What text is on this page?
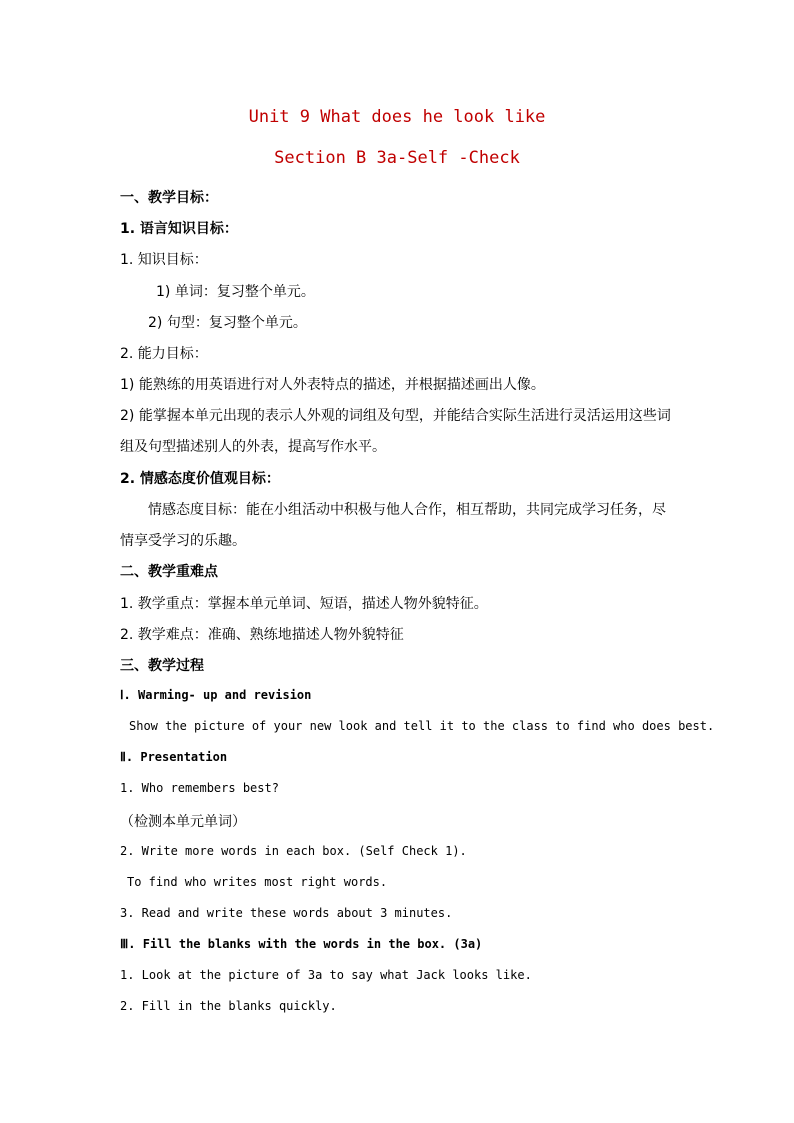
Unit 9 What does he look like
Section B 3a-Self -Check
一、教学目标：
1. 语言知识目标：
1. 知识目标：
1) 单词：复习整个单元。
2) 句型：复习整个单元。
2. 能力目标：
1) 能熟练的用英语进行对人外表特点的描述，并根据描述画出人像。
2) 能掌握本单元出现的表示人外观的词组及句型，并能结合实际生活进行灵活运用这些词
组及句型描述别人的外表，提高写作水平。
2. 情感态度价值观目标：
情感态度目标：能在小组活动中积极与他人合作，相互帮助，共同完成学习任务，尽
情享受学习的乐趣。
二、教学重难点
1. 教学重点：掌握本单元单词、短语，描述人物外貌特征。
2. 教学难点：准确、熟练地描述人物外貌特征
三、教学过程
Ⅰ. Warming- up and revision
Show the picture of your new look and tell it to the class to find who does best.
Ⅱ. Presentation
1. Who remembers best?
（检测本单元单词）
2. Write more words in each box. (Self Check 1).
To find who writes most right words.
3. Read and write these words about 3 minutes.
Ⅲ. Fill the blanks with the words in the box. (3a)
1. Look at the picture of 3a to say what Jack looks like.
2. Fill in the blanks quickly.
